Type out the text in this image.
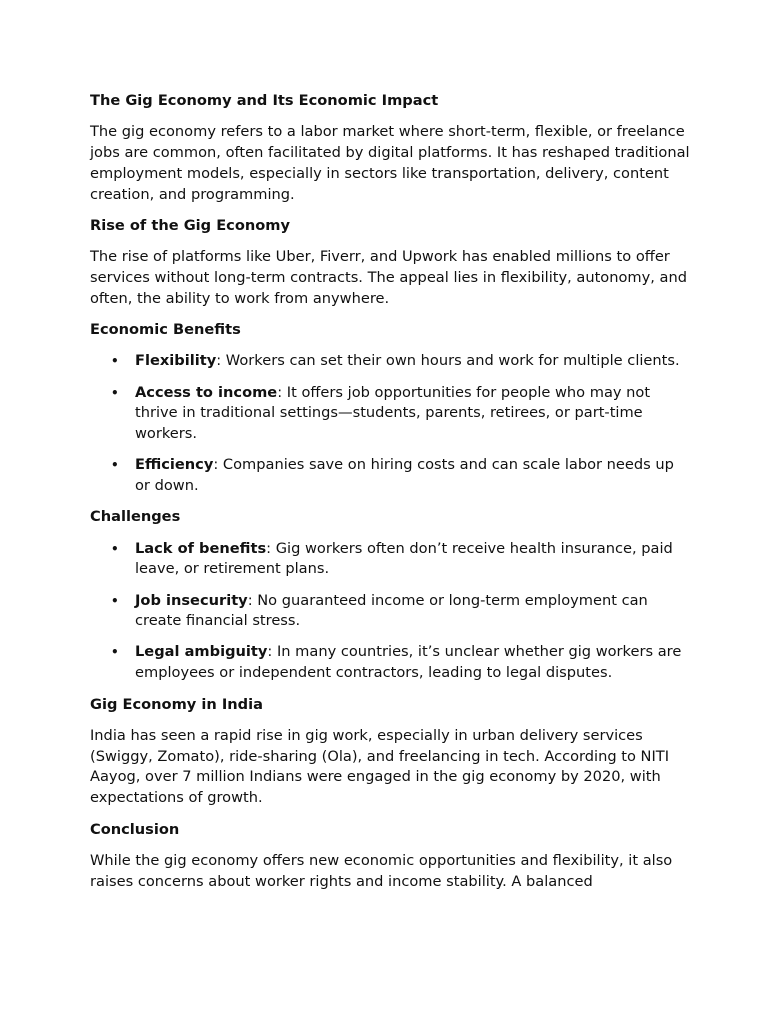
The Gig Economy and Its Economic Impact

The gig economy refers to a labor market where short-term, flexible, or freelance jobs are common, often facilitated by digital platforms. It has reshaped traditional employment models, especially in sectors like transportation, delivery, content creation, and programming.

Rise of the Gig Economy

The rise of platforms like Uber, Fiverr, and Upwork has enabled millions to offer services without long-term contracts. The appeal lies in flexibility, autonomy, and often, the ability to work from anywhere.

Economic Benefits
• Flexibility: Workers can set their own hours and work for multiple clients.
• Access to income: It offers job opportunities for people who may not thrive in traditional settings—students, parents, retirees, or part-time workers.
• Efficiency: Companies save on hiring costs and can scale labor needs up or down.
Challenges
• Lack of benefits: Gig workers often don’t receive health insurance, paid leave, or retirement plans.
• Job insecurity: No guaranteed income or long-term employment can create financial stress.
• Legal ambiguity: In many countries, it’s unclear whether gig workers are employees or independent contractors, leading to legal disputes.
Gig Economy in India

India has seen a rapid rise in gig work, especially in urban delivery services (Swiggy, Zomato), ride-sharing (Ola), and freelancing in tech. According to NITI Aayog, over 7 million Indians were engaged in the gig economy by 2020, with expectations of growth.

Conclusion

While the gig economy offers new economic opportunities and flexibility, it also raises concerns about worker rights and income stability. A balanced
